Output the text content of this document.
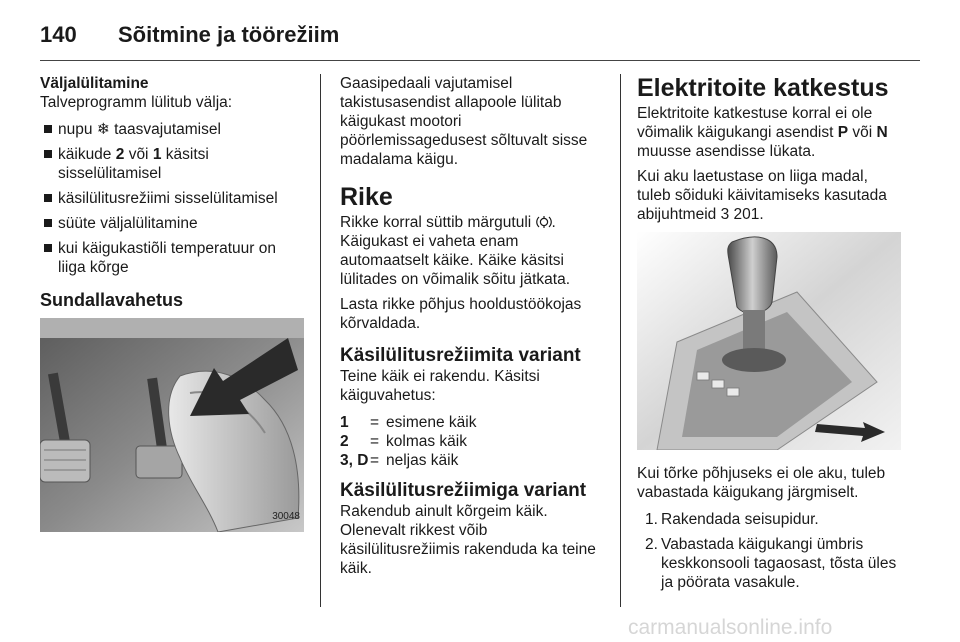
140 Sõitmine ja töörežiim

Väljalülitamine

Talveprogramm lülitub välja:

nupu ❄ taasvajutamisel
käikude 2 või 1 käsitsi sisselülitamisel
käsilülitusrežiimi sisselülitamisel
süüte väljalülitamine
kui käigukastiõli temperatuur on liiga kõrge
Sundallavahetus
30048

Gaasipedaali vajutamisel takistusasendist allapoole lülitab käigukast mootori pöörlemissagedusest sõltuvalt sisse madalama käigu.

Rike

Rikke korral süttib märgutuli .

Käigukast ei vaheta enam automaatselt käike. Käike käsitsi lülitades on võimalik sõitu jätkata.

Lasta rikke põhjus hooldustöökojas kõrvaldada.

Käsilülitusrežiimita variant

Teine käik ei rakendu. Käsitsi käiguvahetus:

1	=	esimene käik
2	=	kolmas käik
3, D	=	neljas käik
Käsilülitusrežiimiga variant

Rakendub ainult kõrgeim käik. Olenevalt rikkest võib käsilülitusrežiimis rakenduda ka teine käik.

Elektritoite katkestus

Elektritoite katkestuse korral ei ole võimalik käigukangi asendist P või N muusse asendisse lükata.

Kui aku laetustase on liiga madal, tuleb sõiduki käivitamiseks kasutada abijuhtmeid 3 201.

Kui tõrke põhjuseks ei ole aku, tuleb vabastada käigukang järgmiselt.

1. Rakendada seisupidur.
2. Vabastada käigukangi ümbris keskkonsooli tagaosast, tõsta üles ja pöörata vasakule.
carmanualsonline.info
